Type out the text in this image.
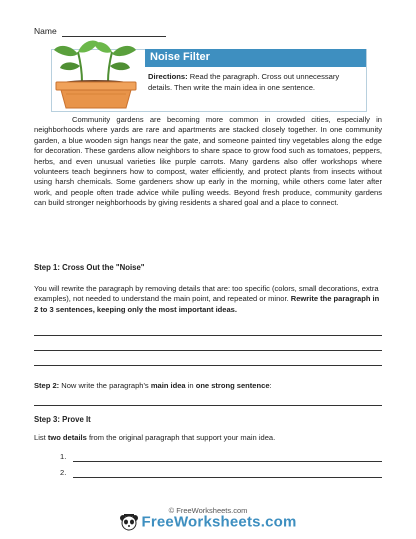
Name
Noise Filter
Directions: Read the paragraph. Cross out unnecessary details. Then write the main idea in one sentence.
Community gardens are becoming more common in crowded cities, especially in neighborhoods where yards are rare and apartments are stacked closely together. In one community garden, a blue wooden sign hangs near the gate, and someone painted tiny vegetables along the edge for decoration. These gardens allow neighbors to share space to grow food such as tomatoes, peppers, herbs, and even unusual varieties like purple carrots. Many gardens also offer workshops where volunteers teach beginners how to compost, water efficiently, and protect plants from insects without using harsh chemicals. Some gardeners show up early in the morning, while others come later after work, and people often trade advice while pulling weeds. Beyond fresh produce, community gardens can build stronger neighborhoods by giving residents a shared goal and a place to connect.
Step 1: Cross Out the "Noise"
You will rewrite the paragraph by removing details that are: too specific (colors, small decorations, extra examples), not needed to understand the main point, and repeated or minor. Rewrite the paragraph in 2 to 3 sentences, keeping only the most important ideas.
Step 2: Now write the paragraph's main idea in one strong sentence:
Step 3: Prove It
List two details from the original paragraph that support your main idea.
1.
2.
© FreeWorksheets.com
FreeWorksheets.com
